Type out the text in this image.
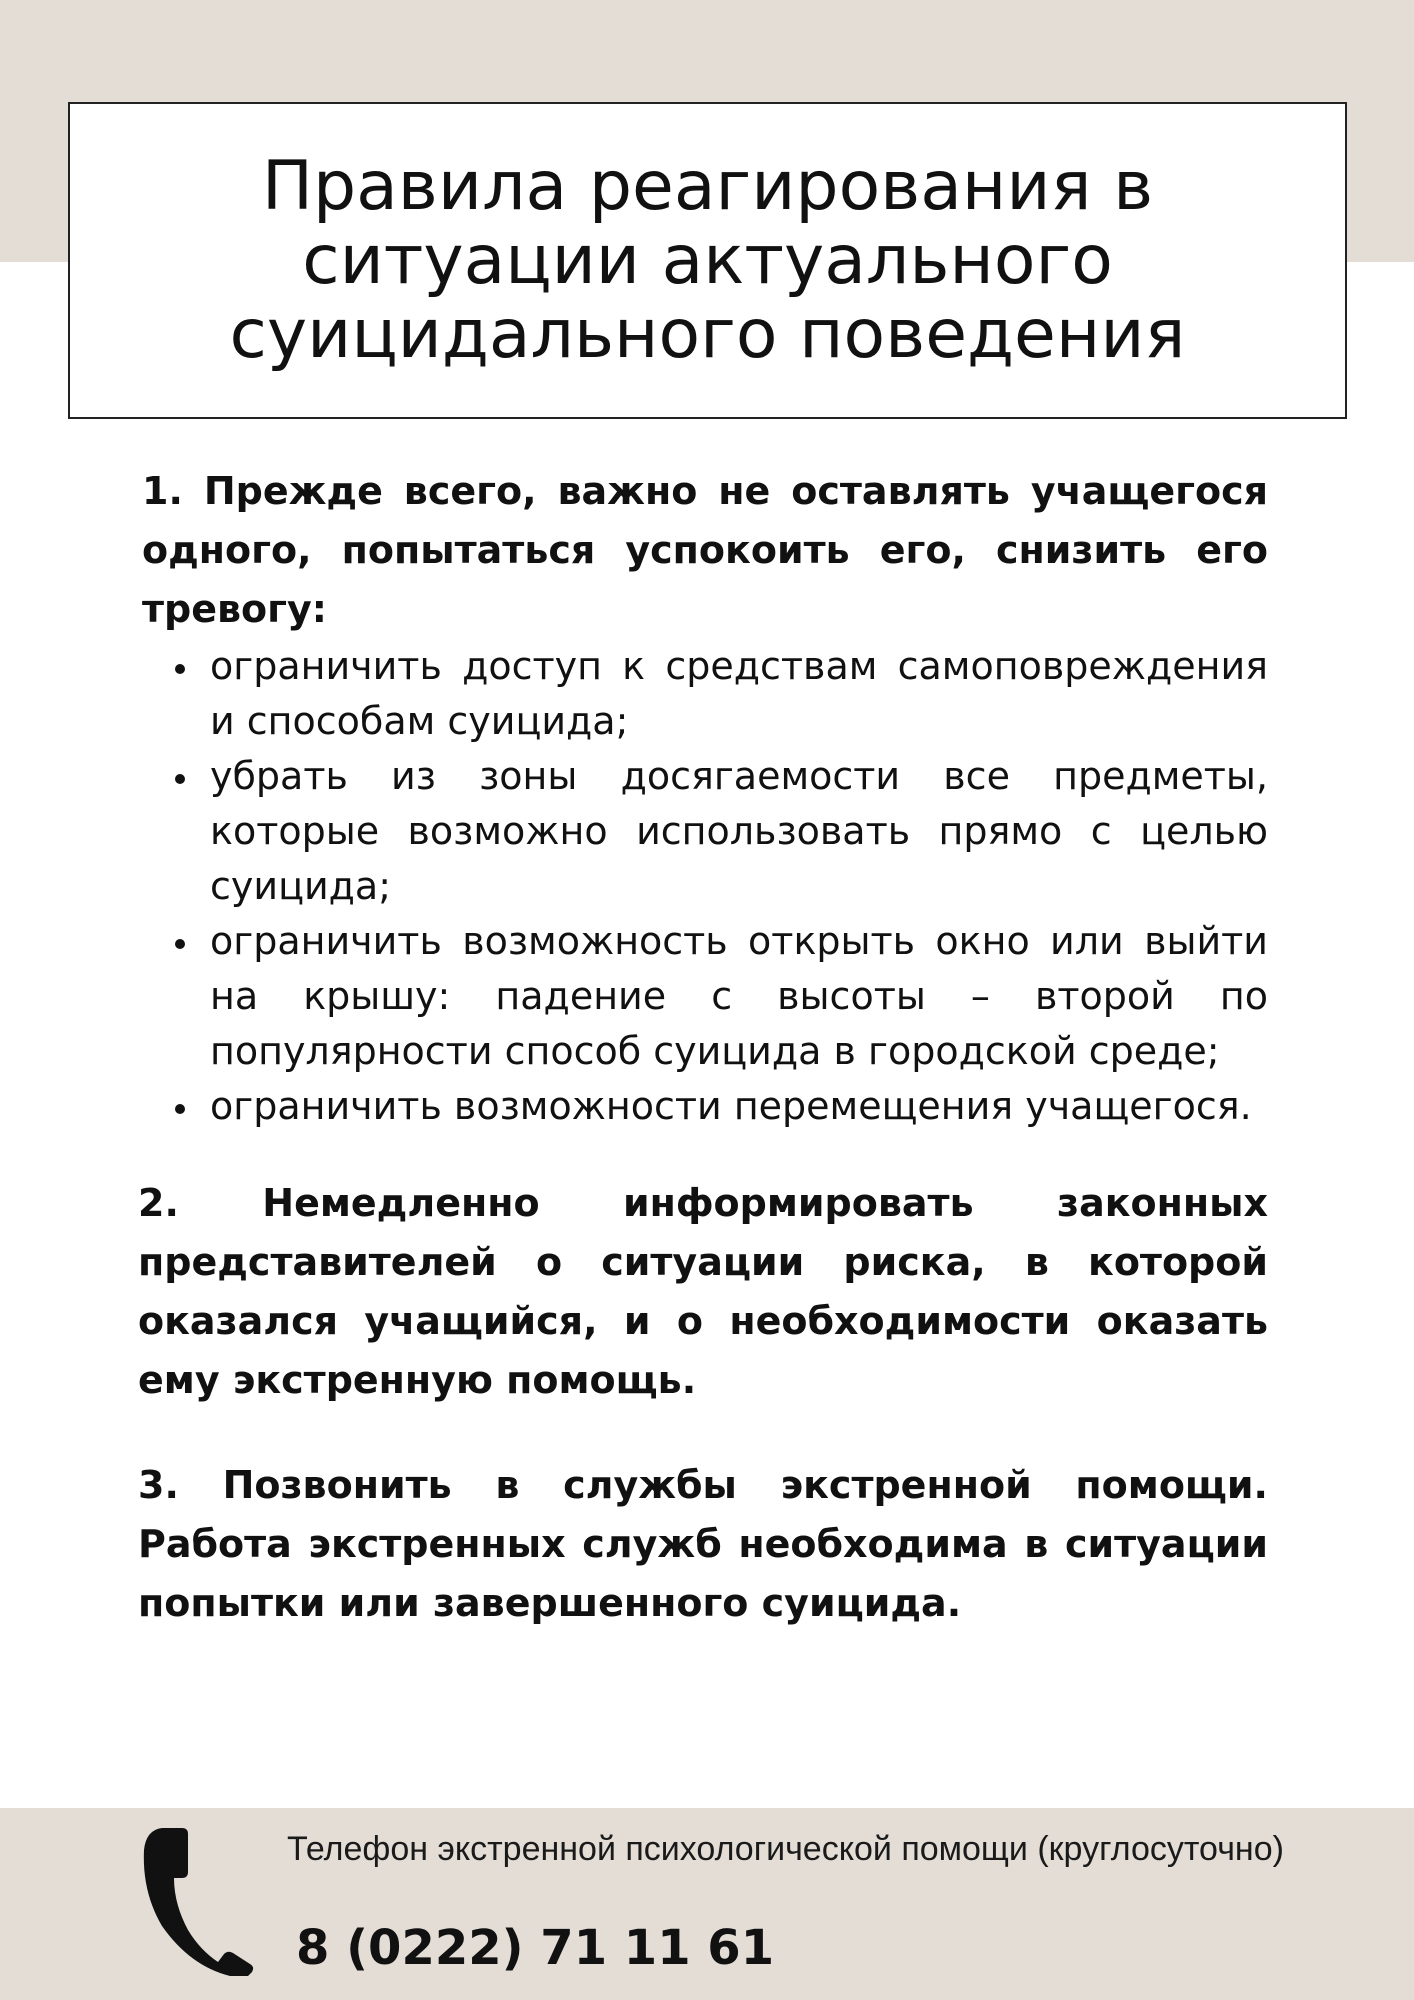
Правила реагирования в ситуации актуального суицидального поведения

1. Прежде всего, важно не оставлять учащегося одного, попытаться успокоить его, снизить его тревогу:

ограничить доступ к средствам самоповреждения и способам суицида;
убрать из зоны досягаемости все предметы, которые возможно использовать прямо с целью суицида;
ограничить возможность открыть окно или выйти на крышу: падение с высоты – второй по популярности способ суицида в городской среде;
ограничить возможности перемещения учащегося.

2. Немедленно информировать законных представителей о ситуации риска, в которой оказался учащийся, и о необходимости оказать ему экстренную помощь.

3. Позвонить в службы экстренной помощи. Работа экстренных служб необходима в ситуации попытки или завершенного суицида.

Телефон экстренной психологической помощи (круглосуточно)
8 (0222) 71 11 61
